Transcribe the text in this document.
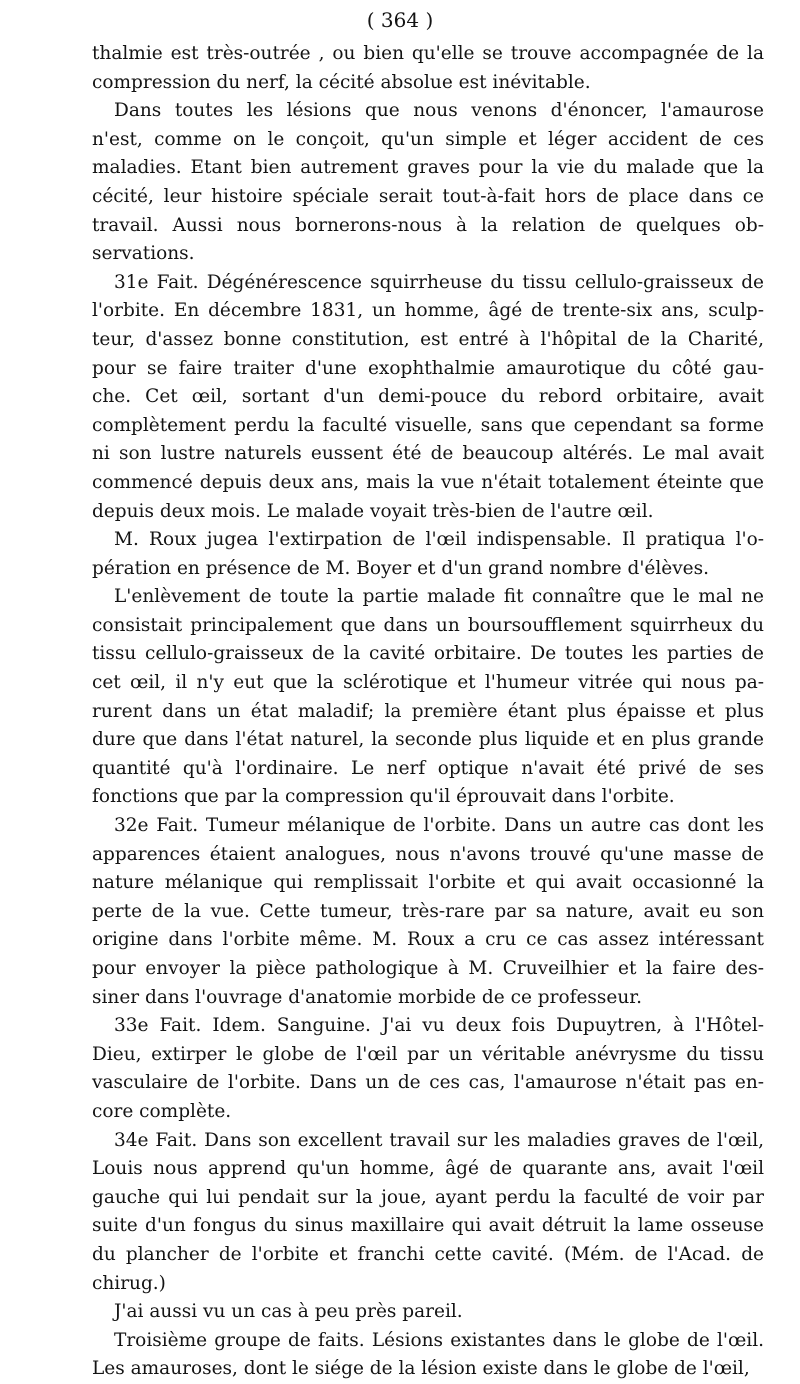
( 364 )
thalmie est très-outrée , ou bien qu'elle se trouve accompagnée de la
compression du nerf, la cécité absolue est inévitable.
Dans toutes les lésions que nous venons d'énoncer, l'amaurose
n'est, comme on le conçoit, qu'un simple et léger accident de ces
maladies. Etant bien autrement graves pour la vie du malade que la
cécité, leur histoire spéciale serait tout-à-fait hors de place dans ce
travail. Aussi nous bornerons-nous à la relation de quelques ob-
servations.
31e Fait. Dégénérescence squirrheuse du tissu cellulo-graisseux de
l'orbite. En décembre 1831, un homme, âgé de trente-six ans, sculp-
teur, d'assez bonne constitution, est entré à l'hôpital de la Charité,
pour se faire traiter d'une exophthalmie amaurotique du côté gau-
che. Cet œil, sortant d'un demi-pouce du rebord orbitaire, avait
complètement perdu la faculté visuelle, sans que cependant sa forme
ni son lustre naturels eussent été de beaucoup altérés. Le mal avait
commencé depuis deux ans, mais la vue n'était totalement éteinte que
depuis deux mois. Le malade voyait très-bien de l'autre œil.
M. Roux jugea l'extirpation de l'œil indispensable. Il pratiqua l'o-
pération en présence de M. Boyer et d'un grand nombre d'élèves.
L'enlèvement de toute la partie malade fit connaître que le mal ne
consistait principalement que dans un boursoufflement squirrheux du
tissu cellulo-graisseux de la cavité orbitaire. De toutes les parties de
cet œil, il n'y eut que la sclérotique et l'humeur vitrée qui nous pa-
rurent dans un état maladif; la première étant plus épaisse et plus
dure que dans l'état naturel, la seconde plus liquide et en plus grande
quantité qu'à l'ordinaire. Le nerf optique n'avait été privé de ses
fonctions que par la compression qu'il éprouvait dans l'orbite.
32e Fait. Tumeur mélanique de l'orbite. Dans un autre cas dont les
apparences étaient analogues, nous n'avons trouvé qu'une masse de
nature mélanique qui remplissait l'orbite et qui avait occasionné la
perte de la vue. Cette tumeur, très-rare par sa nature, avait eu son
origine dans l'orbite même. M. Roux a cru ce cas assez intéressant
pour envoyer la pièce pathologique à M. Cruveilhier et la faire des-
siner dans l'ouvrage d'anatomie morbide de ce professeur.
33e Fait. Idem. Sanguine. J'ai vu deux fois Dupuytren, à l'Hôtel-
Dieu, extirper le globe de l'œil par un véritable anévrysme du tissu
vasculaire de l'orbite. Dans un de ces cas, l'amaurose n'était pas en-
core complète.
34e Fait. Dans son excellent travail sur les maladies graves de l'œil,
Louis nous apprend qu'un homme, âgé de quarante ans, avait l'œil
gauche qui lui pendait sur la joue, ayant perdu la faculté de voir par
suite d'un fongus du sinus maxillaire qui avait détruit la lame osseuse
du plancher de l'orbite et franchi cette cavité. (Mém. de l'Acad. de
chirug.)
J'ai aussi vu un cas à peu près pareil.
Troisième groupe de faits. Lésions existantes dans le globe de l'œil.
Les amauroses, dont le siége de la lésion existe dans le globe de l'œil,
